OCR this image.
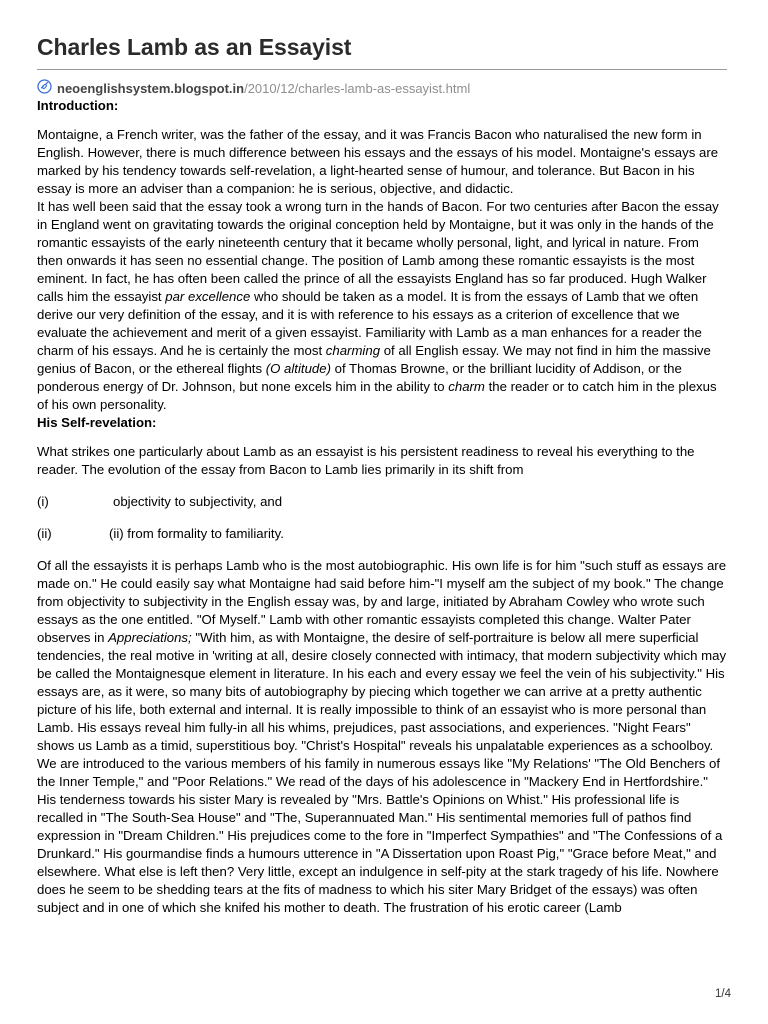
Charles Lamb as an Essayist
neoenglishsystem.blogspot.in /2010/12/charles-lamb-as-essayist.html

Introduction:

Montaigne, a French writer, was the father of the essay, and it was Francis Bacon who naturalised the new form in English. However, there is much difference between his essays and the essays of his model. Montaigne's essays are marked by his tendency towards self-revelation, a light-hearted sense of humour, and tolerance. But Bacon in his essay is more an adviser than a companion: he is serious, objective, and didactic.

It has well been said that the essay took a wrong turn in the hands of Bacon. For two centuries after Bacon the essay in England went on gravitating towards the original conception held by Montaigne, but it was only in the hands of the romantic essayists of the early nineteenth century that it became wholly personal, light, and lyrical in nature. From then onwards it has seen no essential change. The position of Lamb among these romantic essayists is the most eminent. In fact, he has often been called the prince of all the essayists England has so far produced. Hugh Walker calls him the essayist par excellence who should be taken as a model. It is from the essays of Lamb that we often derive our very definition of the essay, and it is with reference to his essays as a criterion of excellence that we evaluate the achievement and merit of a given essayist. Familiarity with Lamb as a man enhances for a reader the charm of his essays. And he is certainly the most charming of all English essay. We may not find in him the massive genius of Bacon, or the ethereal flights (O altitude) of Thomas Browne, or the brilliant lucidity of Addison, or the ponderous energy of Dr. Johnson, but none excels him in the ability to charm the reader or to catch him in the plexus of his own personality.

His Self-revelation:

What strikes one particularly about Lamb as an essayist is his persistent readiness to reveal his everything to the reader. The evolution of the essay from Bacon to Lamb lies primarily in its shift from

(i)	objectivity to subjectivity, and

(ii)	(ii) from formality to familiarity.

Of all the essayists it is perhaps Lamb who is the most autobiographic. His own life is for him "such stuff as essays are made on." He could easily say what Montaigne had said before him-"I myself am the subject of my book." The change from objectivity to subjectivity in the English essay was, by and large, initiated by Abraham Cowley who wrote such essays as the one entitled. "Of Myself." Lamb with other romantic essayists completed this change. Walter Pater observes in Appreciations; "With him, as with Montaigne, the desire of self-portraiture is below all mere superficial tendencies, the real motive in 'writing at all, desire closely connected with intimacy, that modern subjectivity which may be called the Montaignesque element in literature. In his each and every essay we feel the vein of his subjectivity." His essays are, as it were, so many bits of autobiography by piecing which together we can arrive at a pretty authentic picture of his life, both external and internal. It is really impossible to think of an essayist who is more personal than Lamb. His essays reveal him fully-in all his whims, prejudices, past associations, and experiences. "Night Fears" shows us Lamb as a timid, superstitious boy. "Christ's Hospital" reveals his unpalatable experiences as a schoolboy. We are introduced to the various members of his family in numerous essays like "My Relations' "The Old Benchers of the Inner Temple," and "Poor Relations." We read of the days of his adolescence in "Mackery End in Hertfordshire." His tenderness towards his sister Mary is revealed by "Mrs. Battle's Opinions on Whist." His professional life is recalled in "The South-Sea House" and "The, Superannuated Man." His sentimental memories full of pathos find expression in "Dream Children." His prejudices come to the fore in "Imperfect Sympathies" and "The Confessions of a Drunkard." His gourmandise finds a humours utterence in "A Dissertation upon Roast Pig," "Grace before Meat," and elsewhere. What else is left then? Very little, except an indulgence in self-pity at the stark tragedy of his life. Nowhere does he seem to be shedding tears at the fits of madness to which his siter Mary Bridget of the essays) was often subject and in one of which she knifed his mother to death. The frustration of his erotic career (Lamb

1/4
